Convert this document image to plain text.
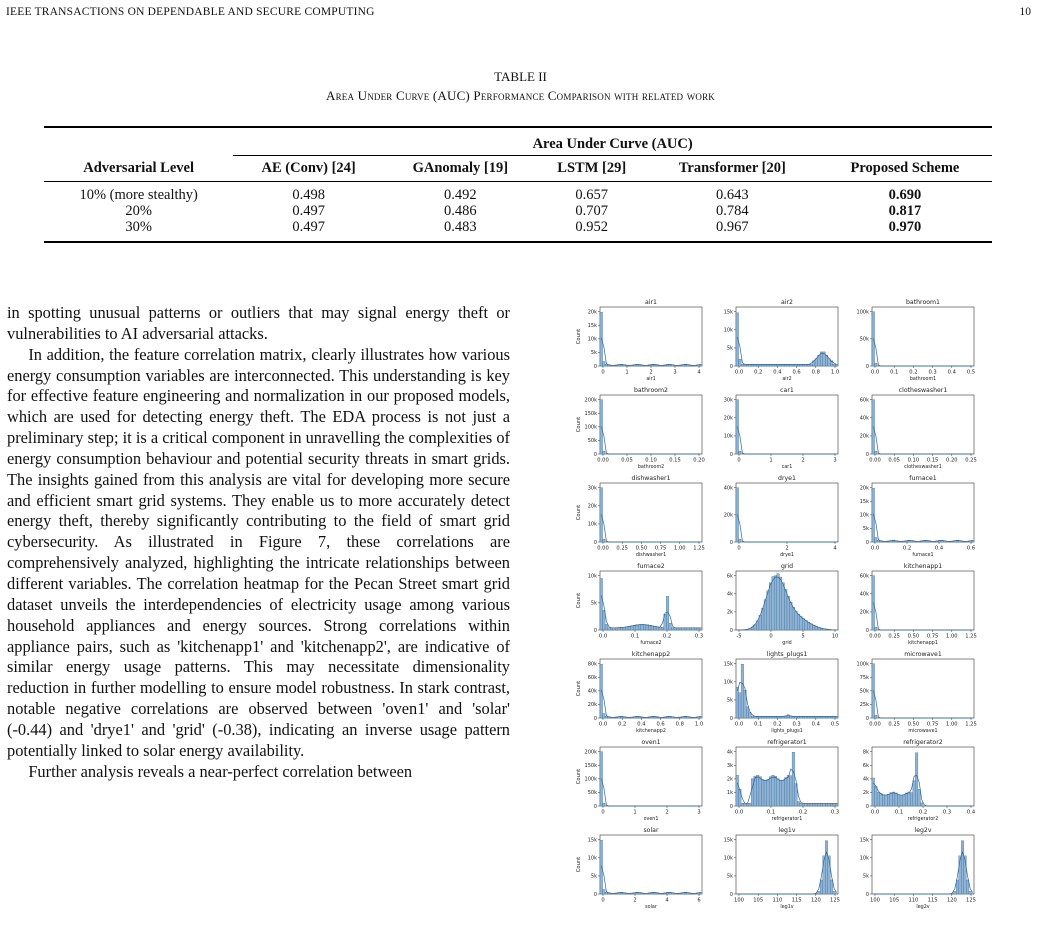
IEEE TRANSACTIONS ON DEPENDABLE AND SECURE COMPUTING	10
TABLE II
Area Under Curve (AUC) Performance Comparison with related work
	Area Under Curve (AUC)				
Adversarial Level	AE (Conv) [24]	GAnomaly [19]	LSTM [29]	Transformer [20]	Proposed Scheme
10% (more stealthy)	0.498	0.492	0.657	0.643	0.690
20%	0.497	0.486	0.707	0.784	0.817
30%	0.497	0.483	0.952	0.967	0.970

in spotting unusual patterns or outliers that may signal energy theft or vulnerabilities to AI adversarial attacks.

In addition, the feature correlation matrix, clearly illustrates how various energy consumption variables are interconnected. This understanding is key for effective feature engineering and normalization in our proposed models, which are used for detecting energy theft. The EDA process is not just a preliminary step; it is a critical component in unravelling the complexities of energy consumption behaviour and potential security threats in smart grids. The insights gained from this analysis are vital for developing more secure and efficient smart grid systems. They enable us to more accurately detect energy theft, thereby significantly contributing to the field of smart grid cybersecurity. As illustrated in Figure 7, these correlations are comprehensively analyzed, highlighting the intricate relationships between different variables. The correlation heatmap for the Pecan Street smart grid dataset unveils the interdependencies of electricity usage among various household appliances and energy sources. Strong correlations within appliance pairs, such as 'kitchenapp1' and 'kitchenapp2', are indicative of similar energy usage patterns. This may necessitate dimensionality reduction in further modelling to ensure model robustness. In stark contrast, notable negative correlations are observed between 'oven1' and 'solar' (-0.44) and 'drye1' and 'grid' (-0.38), indicating an inverse usage pattern potentially linked to solar energy availability.

Further analysis reveals a near-perfect correlation between

air1
0	1	2	3	4
air1
0
5k
10k
15k
20k
Count
air2
0.0 0.2 0.4 0.6 0.8 1.0
air2
0
5k
10k
15k
bathroom1
0.0 0.1 0.2 0.3 0.4 0.5
bathroom1
0
50k
100k
bathroom2
0.00 0.05 0.10 0.15 0.20
bathroom2
0
50k
100k
150k
200k
Count
car1
0	1	2	3
car1
0
10k
20k
30k
clotheswasher1
0.00 0.05 0.10 0.15 0.20 0.25
clotheswasher1
0
20k
40k
60k
dishwasher1
0.00 0.25 0.50 0.75 1.00 1.25
dishwasher1
0
10k
20k
30k
Count
drye1
0	2	4
drye1
0
20k
40k
furnace1
0.0	0.2	0.4	0.6
furnace1
0
5k
10k
15k
20k
furnace2
0.0	0.1	0.2	0.3
furnace2
0
5k
10k
Count
grid
-5	0	5	10
grid
0
2k
4k
6k
kitchenapp1
0.00 0.25 0.50 0.75 1.00 1.25
kitchenapp1
0
20k
40k
60k
kitchenapp2
0.0 0.2 0.4 0.6 0.8 1.0
kitchenapp2
0
20k
40k
60k
80k
Count
lights_plugs1
0.0 0.1 0.2 0.3 0.4 0.5
lights_plugs1
0
5k
10k
15k
microwave1
0.00 0.25 0.50 0.75 1.00 1.25
microwave1
0
25k
50k
75k
100k
oven1
0	1	2	3
oven1
0
50k
100k
150k
200k
Count
refrigerator1
0.0	0.1	0.2	0.3
refrigerator1
0
1k
2k
3k
4k
refrigerator2
0.0	0.1	0.2	0.3	0.4
refrigerator2
0
2k
4k
6k
8k
solar
0	2	4	6
solar
0
5k
10k
15k
Count
leg1v
100 105 110 115 120 125
leg1v
0
5k
10k
15k
leg2v
100 105 110 115 120 125
leg2v
0
5k
10k
15k
